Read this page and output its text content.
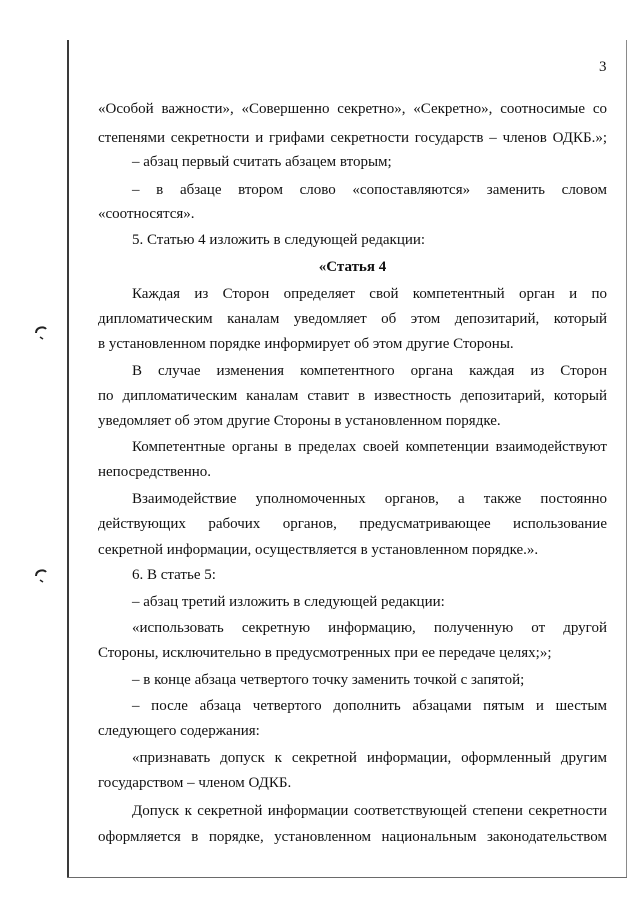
3
«Особой важности», «Совершенно секретно», «Секретно», соотносимые со
степенями секретности и грифами секретности государств – членов ОДКБ.»;
– абзац первый считать абзацем вторым;
– в абзаце втором слово «сопоставляются» заменить словом
«соотносятся».
5. Статью 4 изложить в следующей редакции:
«Статья 4
Каждая из Сторон определяет свой компетентный орган и по
дипломатическим каналам уведомляет об этом депозитарий, который
в установленном порядке информирует об этом другие Стороны.
В случае изменения компетентного органа каждая из Сторон
по дипломатическим каналам ставит в известность депозитарий, который
уведомляет об этом другие Стороны в установленном порядке.
Компетентные органы в пределах своей компетенции взаимодействуют
непосредственно.
Взаимодействие уполномоченных органов, а также постоянно
действующих рабочих органов, предусматривающее использование
секретной информации, осуществляется в установленном порядке.».
6. В статье 5:
– абзац третий изложить в следующей редакции:
«использовать секретную информацию, полученную от другой
Стороны, исключительно в предусмотренных при ее передаче целях;»;
– в конце абзаца четвертого точку заменить точкой с запятой;
– после абзаца четвертого дополнить абзацами пятым и шестым
следующего содержания:
«признавать допуск к секретной информации, оформленный другим
государством – членом ОДКБ.
Допуск к секретной информации соответствующей степени секретности
оформляется в порядке, установленном национальным законодательством
